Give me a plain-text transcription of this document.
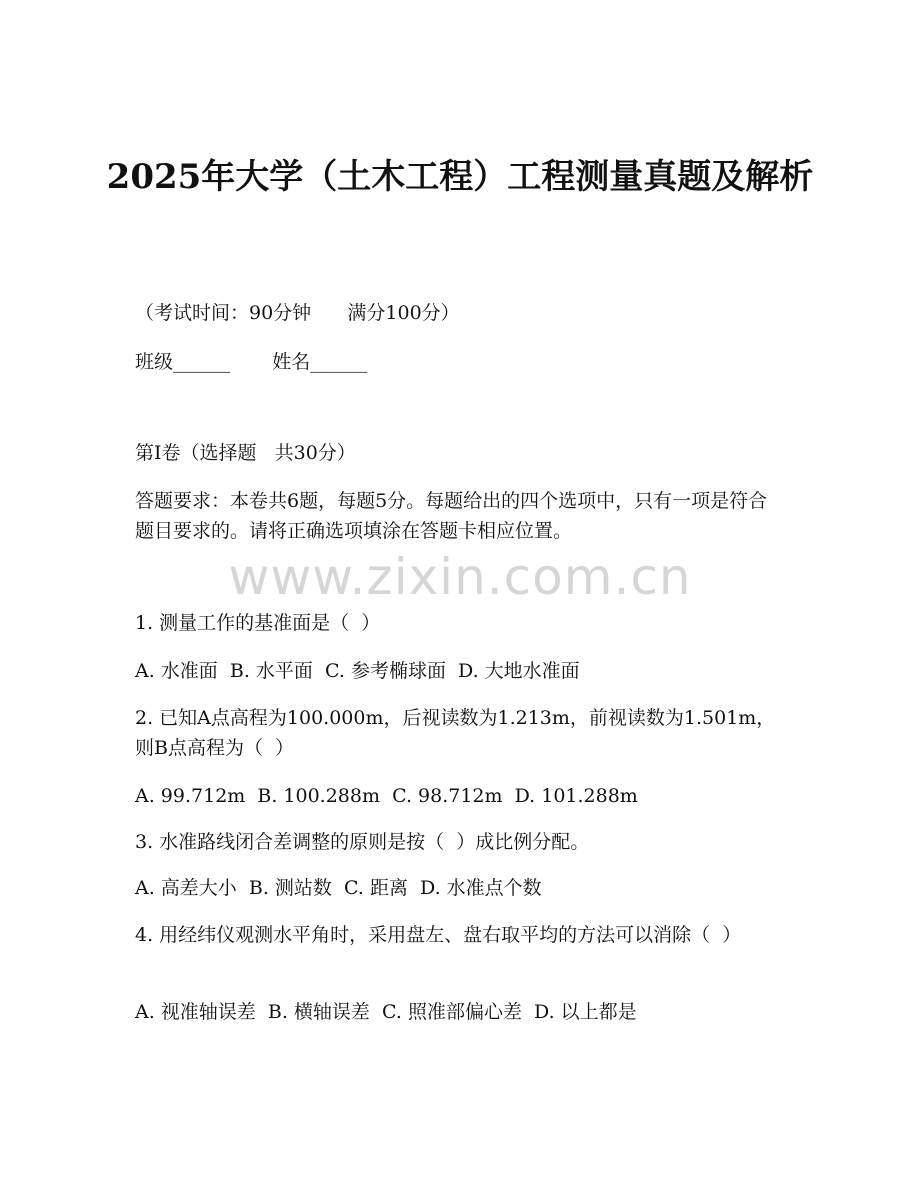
2025年大学（土木工程）工程测量真题及解析
（考试时间：90分钟      满分100分）
班级______       姓名______
第I卷（选择题   共30分）
答题要求：本卷共6题，每题5分。每题给出的四个选项中，只有一项是符合题目要求的。请将正确选项填涂在答题卡相应位置。
www.zixin.com.cn
1. 测量工作的基准面是（  ）
A. 水准面  B. 水平面  C. 参考椭球面  D. 大地水准面
2. 已知A点高程为100.000m，后视读数为1.213m，前视读数为1.501m，则B点高程为（  ）
A. 99.712m  B. 100.288m  C. 98.712m  D. 101.288m
3. 水准路线闭合差调整的原则是按（  ）成比例分配。
A. 高差大小  B. 测站数  C. 距离  D. 水准点个数
4. 用经纬仪观测水平角时，采用盘左、盘右取平均的方法可以消除（  ）
A. 视准轴误差  B. 横轴误差  C. 照准部偏心差  D. 以上都是
